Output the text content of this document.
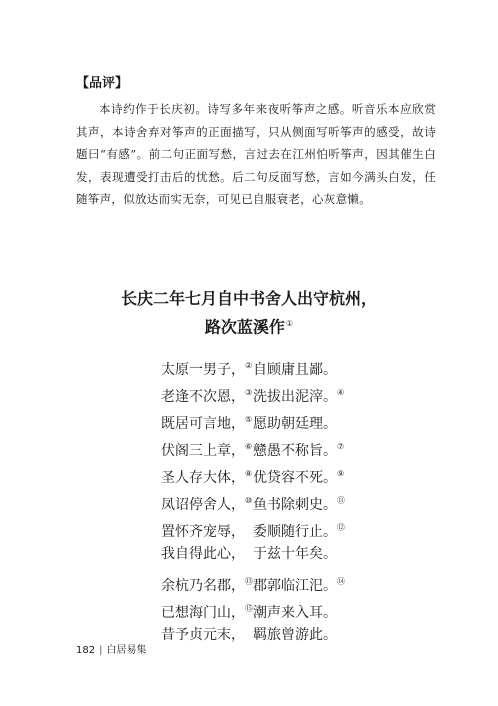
【品评】

本诗约作于长庆初。诗写多年来夜听筝声之感。听音乐本应欣赏其声，本诗舍弃对筝声的正面描写，只从侧面写听筝声的感受，故诗题曰“有感”。前二句正面写愁，言过去在江州怕听筝声，因其催生白发，表现遭受打击后的忧愁。后二句反面写愁，言如今满头白发，任随筝声，似放达而实无奈，可见已自服衰老，心灰意懒。

长庆二年七月自中书舍人出守杭州，
路次蓝溪作①
太原一男子，②自顾庸且鄙。
老逢不次恩，③洗拔出泥滓。④
既居可言地，⑤愿助朝廷理。
伏阁三上章，⑥戆愚不称旨。⑦
圣人存大体，⑧优贷容不死。⑨
凤诏停舍人，⑩鱼书除刺史。⑪
置怀齐宠辱， 委顺随行止。⑫
我自得此心， 于兹十年矣。
余杭乃名郡，⑬郡郭临江汜。⑭
已想海门山，⑮潮声来入耳。
昔予贞元末， 羁旅曾游此。
182 | 白居易集
